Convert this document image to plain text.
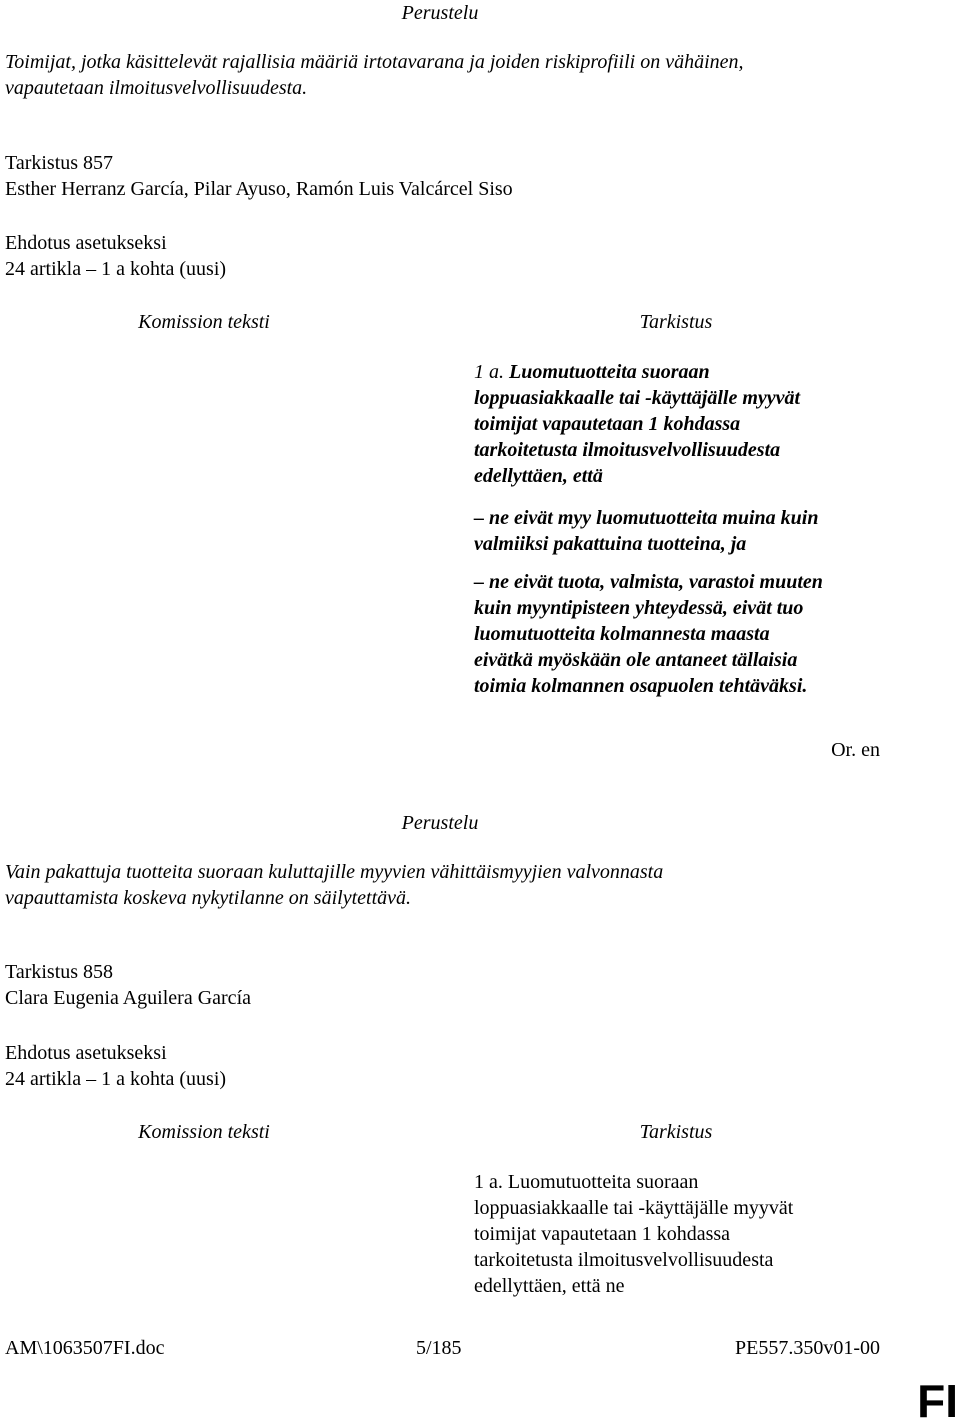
Perustelu
Toimijat, jotka käsittelevät rajallisia määriä irtotavarana ja joiden riskiprofiili on vähäinen,
vapautetaan ilmoitusvelvollisuudesta.
Tarkistus 857
Esther Herranz García, Pilar Ayuso, Ramón Luis Valcárcel Siso
Ehdotus asetukseksi
24 artikla – 1 a kohta (uusi)
Komission teksti	Tarkistus
1 a. Luomutuotteita suoraan
loppuasiakkaalle tai -käyttäjälle myyvät
toimijat vapautetaan 1 kohdassa
tarkoitetusta ilmoitusvelvollisuudesta
edellyttäen, että
– ne eivät myy luomutuotteita muina kuin
valmiiksi pakattuina tuotteina, ja
– ne eivät tuota, valmista, varastoi muuten
kuin myyntipisteen yhteydessä, eivät tuo
luomutuotteita kolmannesta maasta
eivätkä myöskään ole antaneet tällaisia
toimia kolmannen osapuolen tehtäväksi.
Or. en
Perustelu
Vain pakattuja tuotteita suoraan kuluttajille myyvien vähittäismyyjien valvonnasta
vapauttamista koskeva nykytilanne on säilytettävä.
Tarkistus 858
Clara Eugenia Aguilera García
Ehdotus asetukseksi
24 artikla – 1 a kohta (uusi)
Komission teksti	Tarkistus
1 a. Luomutuotteita suoraan
loppuasiakkaalle tai -käyttäjälle myyvät
toimijat vapautetaan 1 kohdassa
tarkoitetusta ilmoitusvelvollisuudesta
edellyttäen, että ne
AM\1063507FI.doc	5/185	PE557.350v01-00
FI
